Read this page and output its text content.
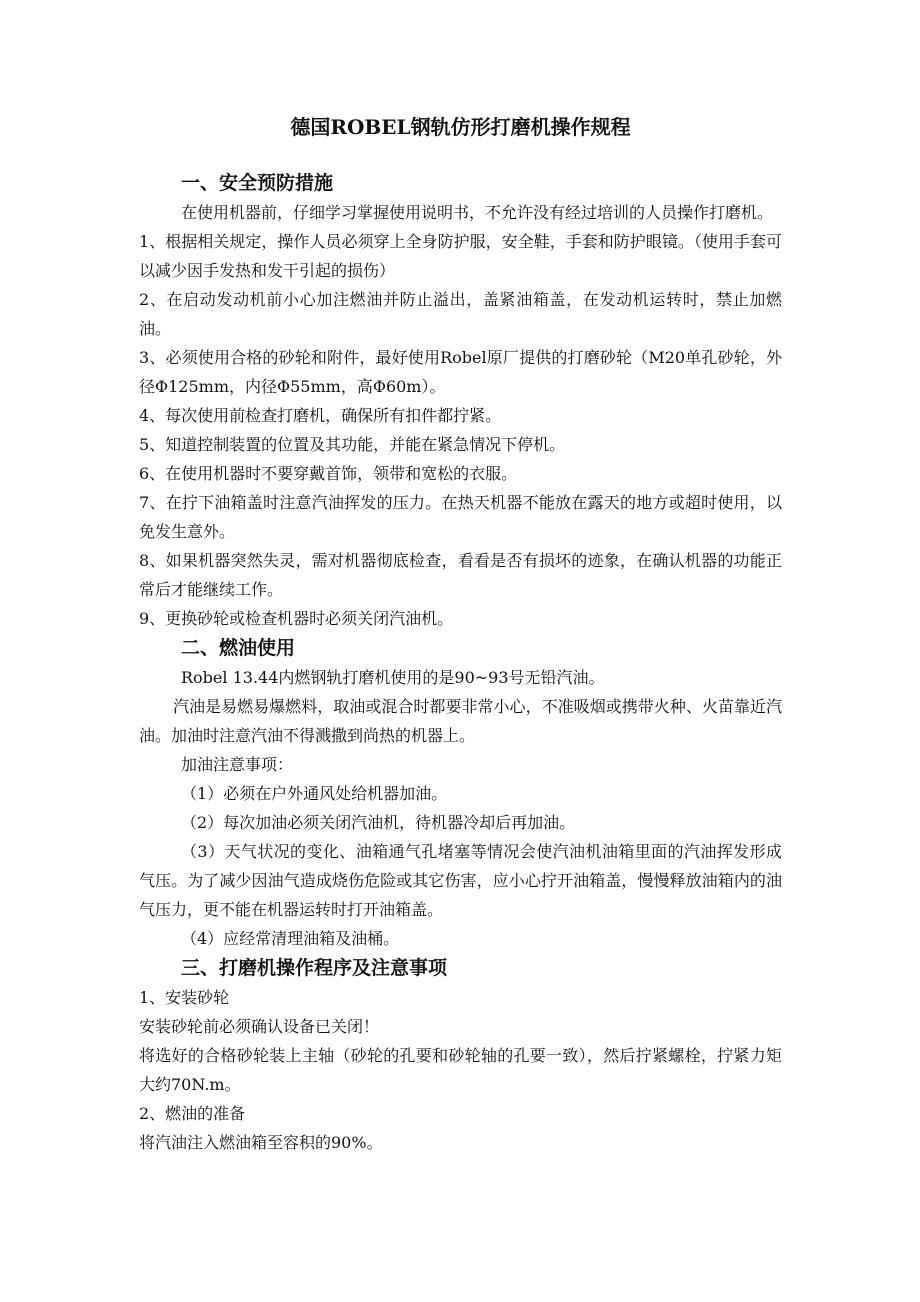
德国ROBEL钢轨仿形打磨机操作规程
一、安全预防措施

在使用机器前，仔细学习掌握使用说明书，不允许没有经过培训的人员操作打磨机。

1、根据相关规定，操作人员必须穿上全身防护服，安全鞋，手套和防护眼镜。（使用手套可以减少因手发热和发干引起的损伤）

2、在启动发动机前小心加注燃油并防止溢出，盖紧油箱盖，在发动机运转时，禁止加燃油。

3、必须使用合格的砂轮和附件，最好使用Robel原厂提供的打磨砂轮（M20单孔砂轮，外径Φ125mm，内径Φ55mm，高Φ60m）。

4、每次使用前检查打磨机，确保所有扣件都拧紧。

5、知道控制装置的位置及其功能，并能在紧急情况下停机。

6、在使用机器时不要穿戴首饰，领带和宽松的衣服。

7、在拧下油箱盖时注意汽油挥发的压力。在热天机器不能放在露天的地方或超时使用，以免发生意外。

8、如果机器突然失灵，需对机器彻底检查，看看是否有损坏的迹象，在确认机器的功能正常后才能继续工作。

9、更换砂轮或检查机器时必须关闭汽油机。

二、燃油使用

Robel 13.44内燃钢轨打磨机使用的是90~93号无铅汽油。

汽油是易燃易爆燃料，取油或混合时都要非常小心，不准吸烟或携带火种、火苗靠近汽油。加油时注意汽油不得溅撒到尚热的机器上。

加油注意事项：

（1）必须在户外通风处给机器加油。

（2）每次加油必须关闭汽油机，待机器冷却后再加油。

（3）天气状况的变化、油箱通气孔堵塞等情况会使汽油机油箱里面的汽油挥发形成气压。为了减少因油气造成烧伤危险或其它伤害，应小心拧开油箱盖，慢慢释放油箱内的油气压力，更不能在机器运转时打开油箱盖。

（4）应经常清理油箱及油桶。

三、打磨机操作程序及注意事项

1、安装砂轮

安装砂轮前必须确认设备已关闭！

将选好的合格砂轮装上主轴（砂轮的孔要和砂轮轴的孔要一致），然后拧紧螺栓，拧紧力矩大约70N.m。

2、燃油的准备

将汽油注入燃油箱至容积的90%。
